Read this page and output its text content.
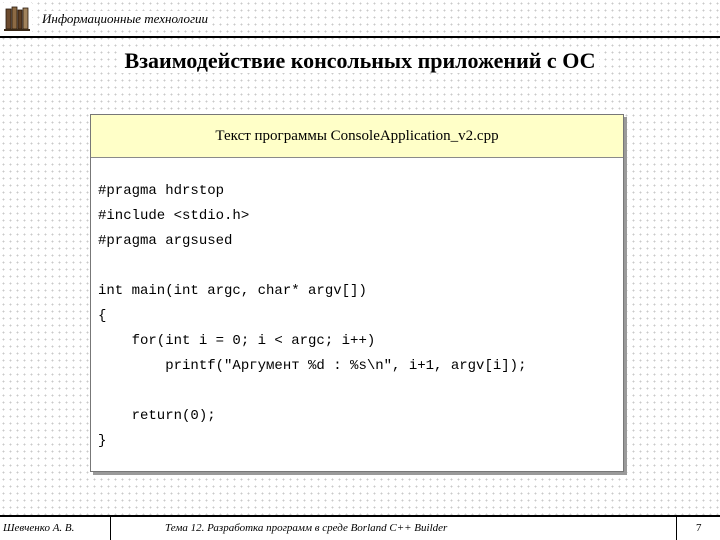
Информационные технологии
Взаимодействие консольных приложений с ОС
Текст программы ConsoleApplication_v2.cpp
#pragma hdrstop
#include <stdio.h>
#pragma argsused
int main(int argc, char* argv[])
{
for(int i = 0; i < argc; i++)
printf("Аргумент %d : %s\n", i+1, argv[i]);
return(0);
}
Шевченко А. В.	Тема 12. Разработка программ в среде Borland C++ Builder	7
